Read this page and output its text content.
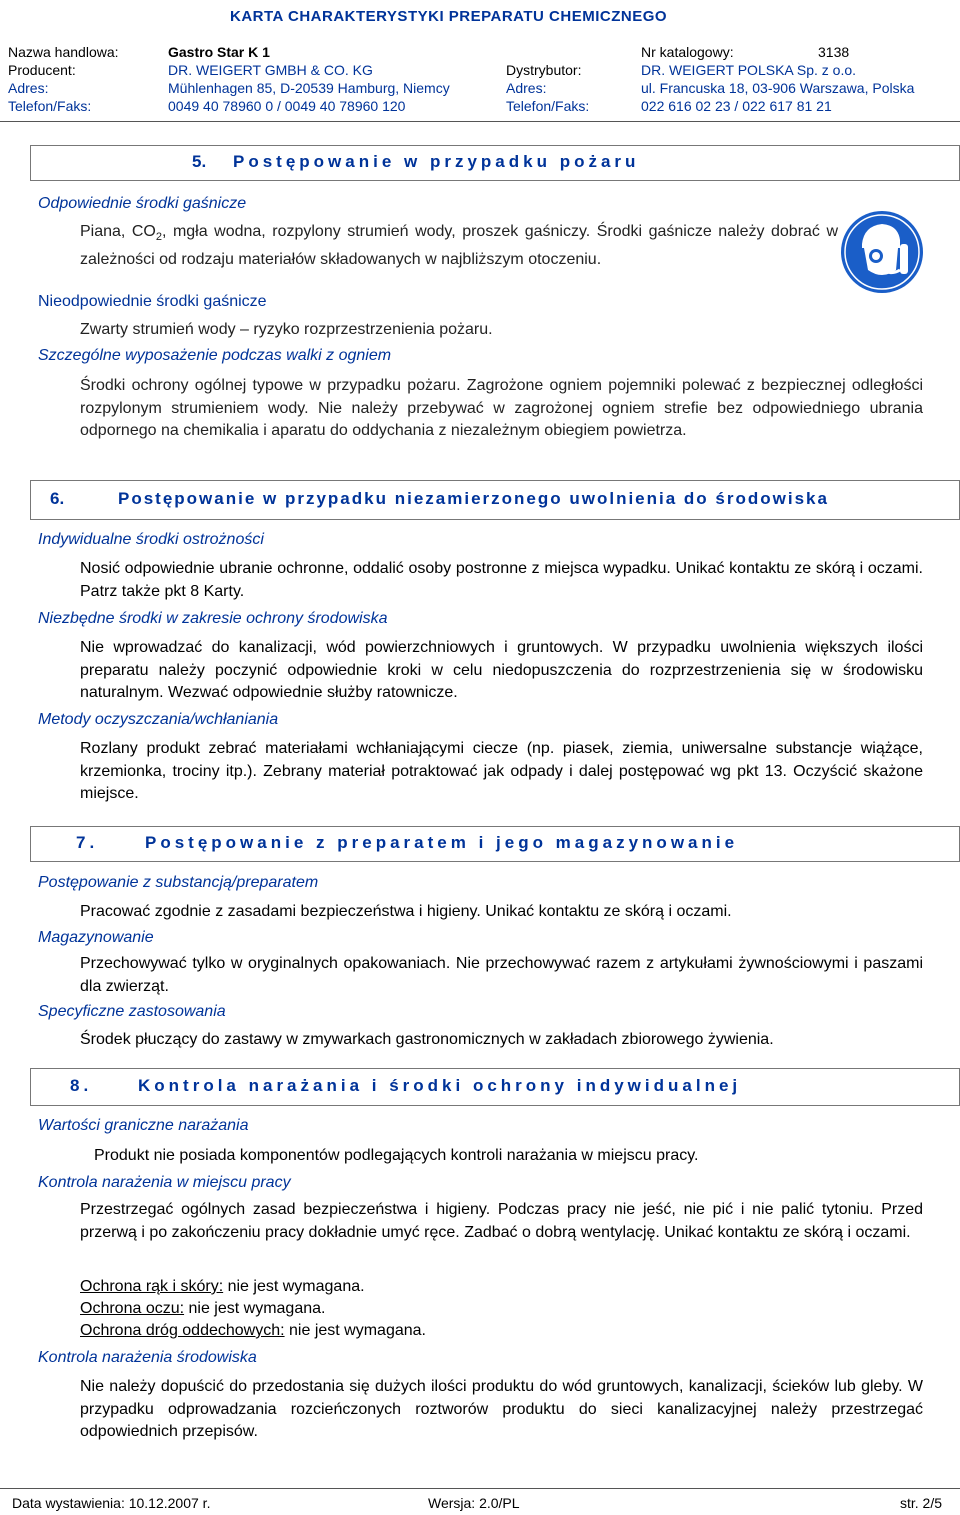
KARTA CHARAKTERYSTYKI PREPARATU CHEMICZNEGO
Nazwa handlowa:	Gastro Star K 1	Nr katalogowy:	3138
Producent:	DR. WEIGERT GMBH & CO. KG	Dystrybutor:	DR. WEIGERT POLSKA Sp. z o.o.
Adres:	Mühlenhagen 85, D-20539 Hamburg, Niemcy	Adres:	ul. Francuska 18, 03-906 Warszawa, Polska
Telefon/Faks:	0049 40 78960 0 / 0049 40 78960 120	Telefon/Faks:	022 616 02 23 / 022 617 81 21
5. Postępowanie w przypadku pożaru
Odpowiednie środki gaśnicze
Piana, $CO_2$, mgła wodna, rozpylony strumień wody, proszek gaśniczy. Środki gaśnicze należy dobrać w zależności od rodzaju materiałów składowanych w najbliższym otoczeniu.
Nieodpowiednie środki gaśnicze
Zwarty strumień wody – ryzyko rozprzestrzenienia pożaru.
Szczególne wyposażenie podczas walki z ogniem
Środki ochrony ogólnej typowe w przypadku pożaru. Zagrożone ogniem pojemniki polewać z bezpiecznej odległości rozpylonym strumieniem wody. Nie należy przebywać w zagrożonej ogniem strefie bez odpowiedniego ubrania odpornego na chemikalia i aparatu do oddychania z niezależnym obiegiem powietrza.
6.	Postępowanie w przypadku niezamierzonego uwolnienia do środowiska
Indywidualne środki ostrożności
Nosić odpowiednie ubranie ochronne, oddalić osoby postronne z miejsca wypadku. Unikać kontaktu ze skórą i oczami. Patrz także pkt 8 Karty.
Niezbędne środki w zakresie ochrony środowiska
Nie wprowadzać do kanalizacji, wód powierzchniowych i gruntowych. W przypadku uwolnienia większych ilości preparatu należy poczynić odpowiednie kroki w celu niedopuszczenia do rozprzestrzenienia się w środowisku naturalnym. Wezwać odpowiednie służby ratownicze.
Metody oczyszczania/wchłaniania
Rozlany produkt zebrać materiałami wchłaniającymi ciecze (np. piasek, ziemia, uniwersalne substancje wiążące, krzemionka, trociny itp.). Zebrany materiał potraktować jak odpady i dalej postępować wg pkt 13. Oczyścić skażone miejsce.
7.	Postępowanie z preparatem i jego magazynowanie
Postępowanie z substancją/preparatem
Pracować zgodnie z zasadami bezpieczeństwa i higieny. Unikać kontaktu ze skórą i oczami.
Magazynowanie
Przechowywać tylko w oryginalnych opakowaniach. Nie przechowywać razem z artykułami żywnościowymi i paszami dla zwierząt.
Specyficzne zastosowania
Środek płuczący do zastawy w zmywarkach gastronomicznych w zakładach zbiorowego żywienia.
8.	Kontrola narażania i środki ochrony indywidualnej
Wartości graniczne narażania
Produkt nie posiada komponentów podlegających kontroli narażania w miejscu pracy.
Kontrola narażenia w miejscu pracy
Przestrzegać ogólnych zasad bezpieczeństwa i higieny. Podczas pracy nie jeść, nie pić i nie palić tytoniu. Przed przerwą i po zakończeniu pracy dokładnie umyć ręce. Zadbać o dobrą wentylację. Unikać kontaktu ze skórą i oczami.
Ochrona rąk i skóry: nie jest wymagana.
Ochrona oczu: nie jest wymagana.
Ochrona dróg oddechowych: nie jest wymagana.
Kontrola narażenia środowiska
Nie należy dopuścić do przedostania się dużych ilości produktu do wód gruntowych, kanalizacji, ścieków lub gleby. W przypadku odprowadzania rozcieńczonych roztworów produktu do sieci kanalizacyjnej należy przestrzegać odpowiednich przepisów.
Data wystawienia: 10.12.2007 r.	Wersja: 2.0/PL	str. 2/5
